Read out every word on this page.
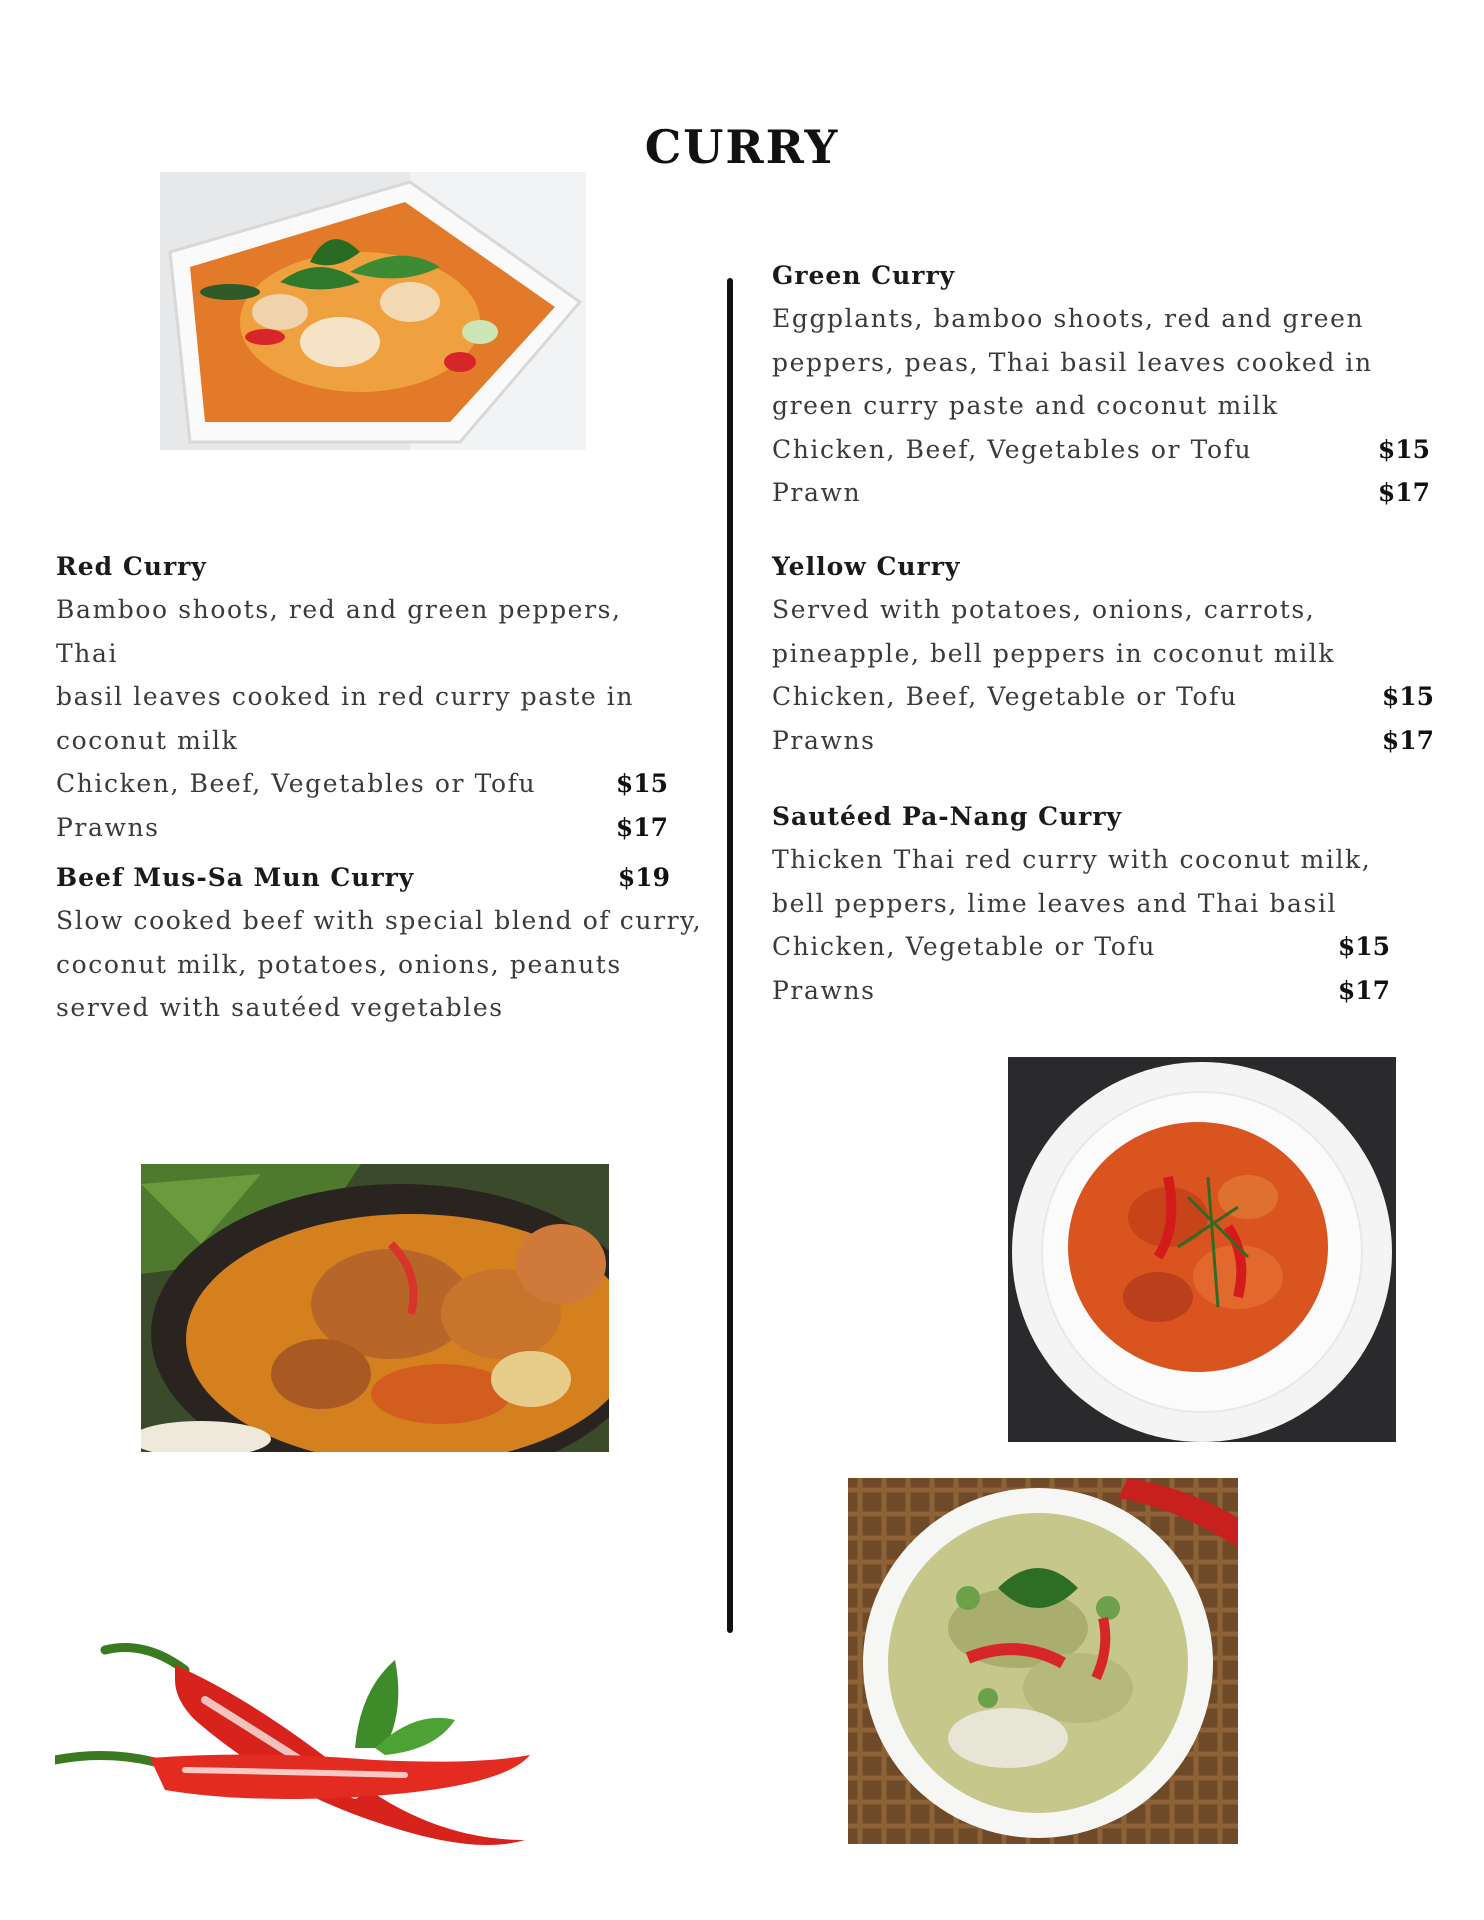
CURRY
Red Curry
Bamboo shoots, red and green peppers, Thai
basil leaves cooked in red curry paste in
coconut milk
Chicken, Beef, Vegetables or Tofu	$15
Prawns	$17
Beef Mus-Sa Mun Curry	$19
Slow cooked beef with special blend of curry,
coconut milk, potatoes, onions, peanuts
served with sautéed vegetables
Green Curry
Eggplants, bamboo shoots, red and green
peppers, peas, Thai basil leaves cooked in
green curry paste and coconut milk
Chicken, Beef, Vegetables or Tofu	$15
Prawn	$17
Yellow Curry
Served with potatoes, onions, carrots,
pineapple, bell peppers in coconut milk
Chicken, Beef, Vegetable or Tofu	$15
Prawns	$17
Sautéed Pa-Nang Curry
Thicken Thai red curry with coconut milk,
bell peppers, lime leaves and Thai basil
Chicken, Vegetable or Tofu	$15
Prawns	$17
